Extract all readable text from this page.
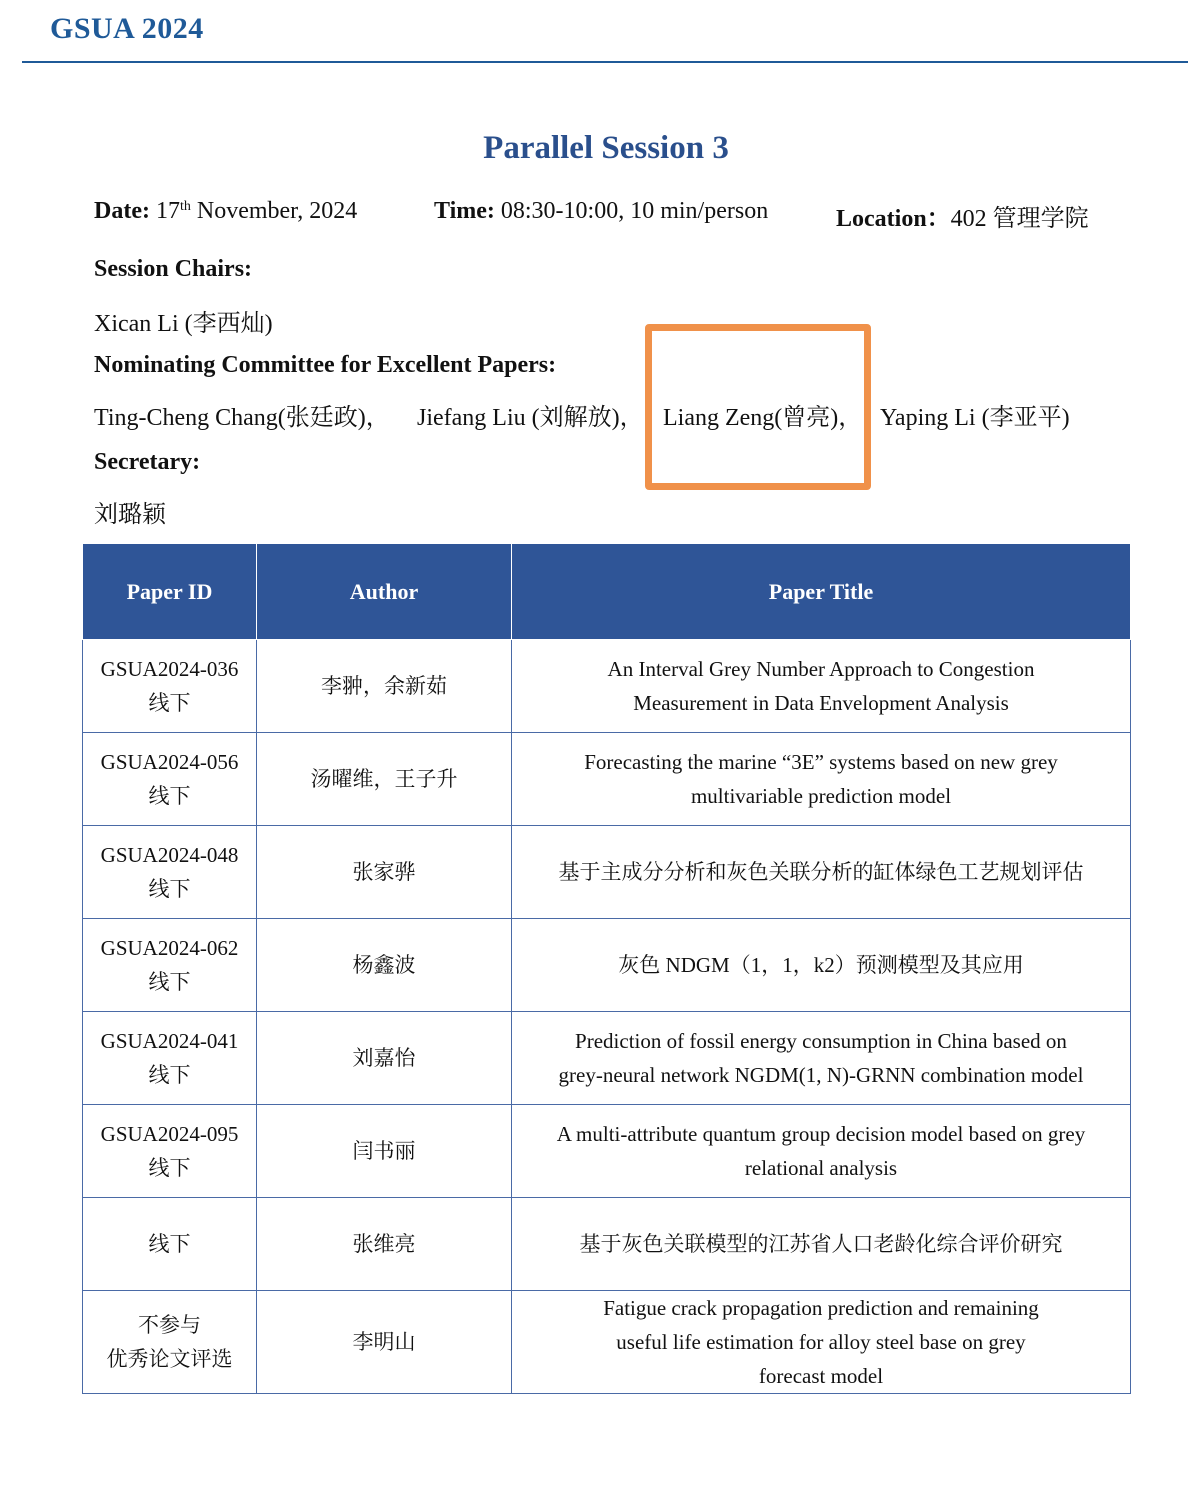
GSUA 2024
Parallel Session 3
Date: 17th November, 2024	Time: 08:30-10:00, 10 min/person	Location：402 管理学院
Session Chairs:
Xican Li (李西灿)
Nominating Committee for Excellent Papers:
Ting-Cheng Chang(张廷政)， Jiefang Liu (刘解放)， Liang Zeng(曾亮)， Yaping Li (李亚平)
Secretary:
刘璐颖
Paper ID	Author	Paper Title

GSUA2024-036
线下	李翀，余新茹	An Interval Grey Number Approach to Congestion
Measurement in Data Envelopment Analysis

GSUA2024-056
线下	汤曜维，王子升	Forecasting the marine “3E” systems based on new grey
multivariable prediction model

GSUA2024-048
线下	张家骅	基于主成分分析和灰色关联分析的缸体绿色工艺规划评估

GSUA2024-062
线下	杨鑫波	灰色 NDGM（1，1，k2）预测模型及其应用

GSUA2024-041
线下	刘嘉怡	Prediction of fossil energy consumption in China based on
grey-neural network NGDM(1, N)-GRNN combination model

GSUA2024-095
线下	闫书丽	A multi-attribute quantum group decision model based on grey
relational analysis

线下	张维亮	基于灰色关联模型的江苏省人口老龄化综合评价研究

不参与
优秀论文评选	李明山	Fatigue crack propagation prediction and remaining
useful life estimation for alloy steel base on grey
forecast model
